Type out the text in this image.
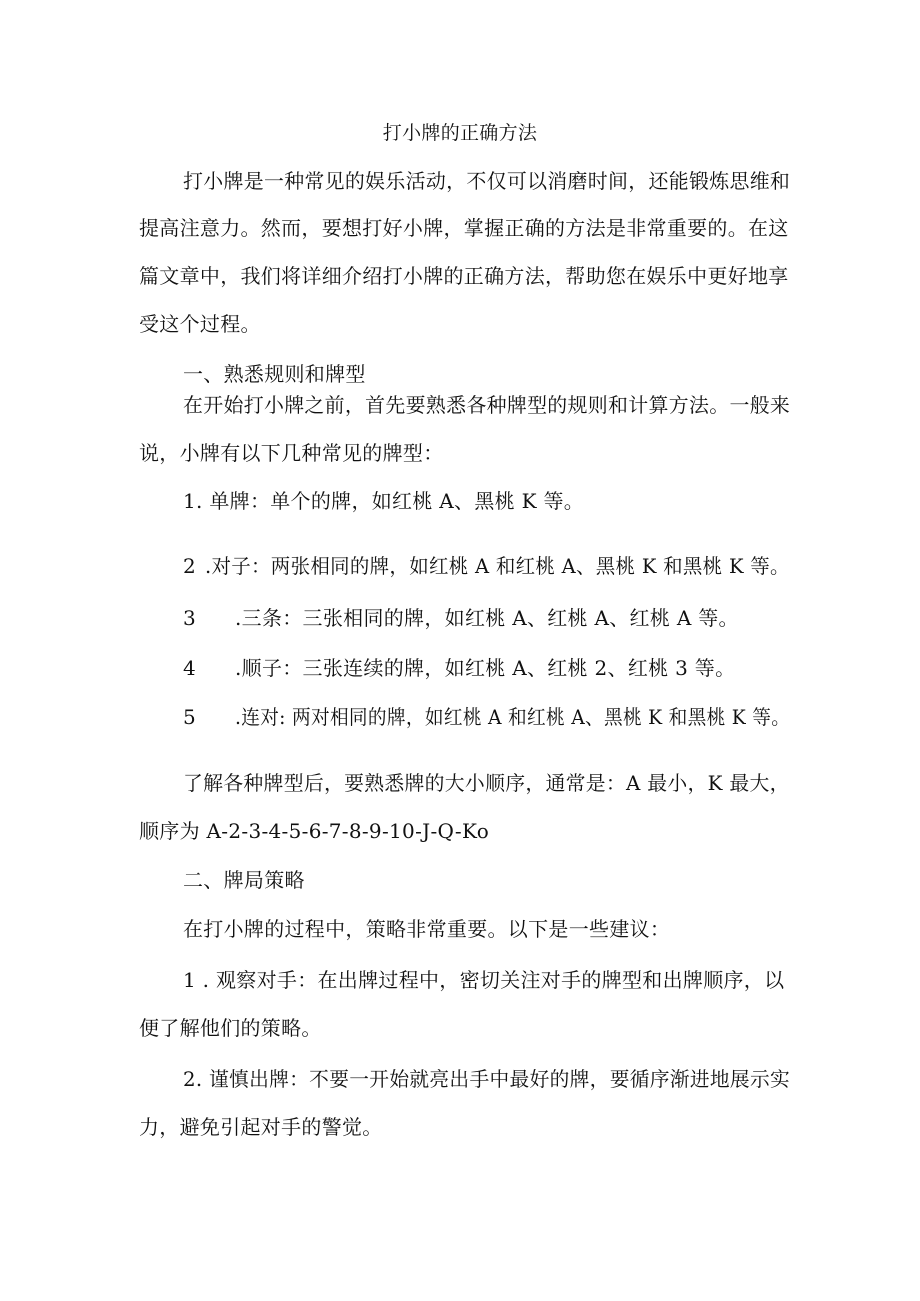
打小牌的正确方法
打小牌是一种常见的娱乐活动，不仅可以消磨时间，还能锻炼思维和
提高注意力。然而，要想打好小牌，掌握正确的方法是非常重要的。在这
篇文章中，我们将详细介绍打小牌的正确方法，帮助您在娱乐中更好地享
受这个过程。
一、熟悉规则和牌型
在开始打小牌之前，首先要熟悉各种牌型的规则和计算方法。一般来
说，小牌有以下几种常见的牌型：
1. 单牌：单个的牌，如红桃 A、黑桃 K 等。
2 .对子：两张相同的牌，如红桃 A 和红桃 A、黑桃 K 和黑桃 K 等。
3 .三条：三张相同的牌，如红桃 A、红桃 A、红桃 A 等。
4 .顺子：三张连续的牌，如红桃 A、红桃 2、红桃 3 等。
5 .连对: 两对相同的牌，如红桃 A 和红桃 A、黑桃 K 和黑桃 K 等。
了解各种牌型后，要熟悉牌的大小顺序，通常是：A 最小，K 最大，
顺序为 A-2-3-4-5-6-7-8-9-10-J-Q-Ko
二、牌局策略
在打小牌的过程中，策略非常重要。以下是一些建议：
1 . 观察对手：在出牌过程中，密切关注对手的牌型和出牌顺序，以
便了解他们的策略。
2. 谨慎出牌：不要一开始就亮出手中最好的牌，要循序渐进地展示实
力，避免引起对手的警觉。
